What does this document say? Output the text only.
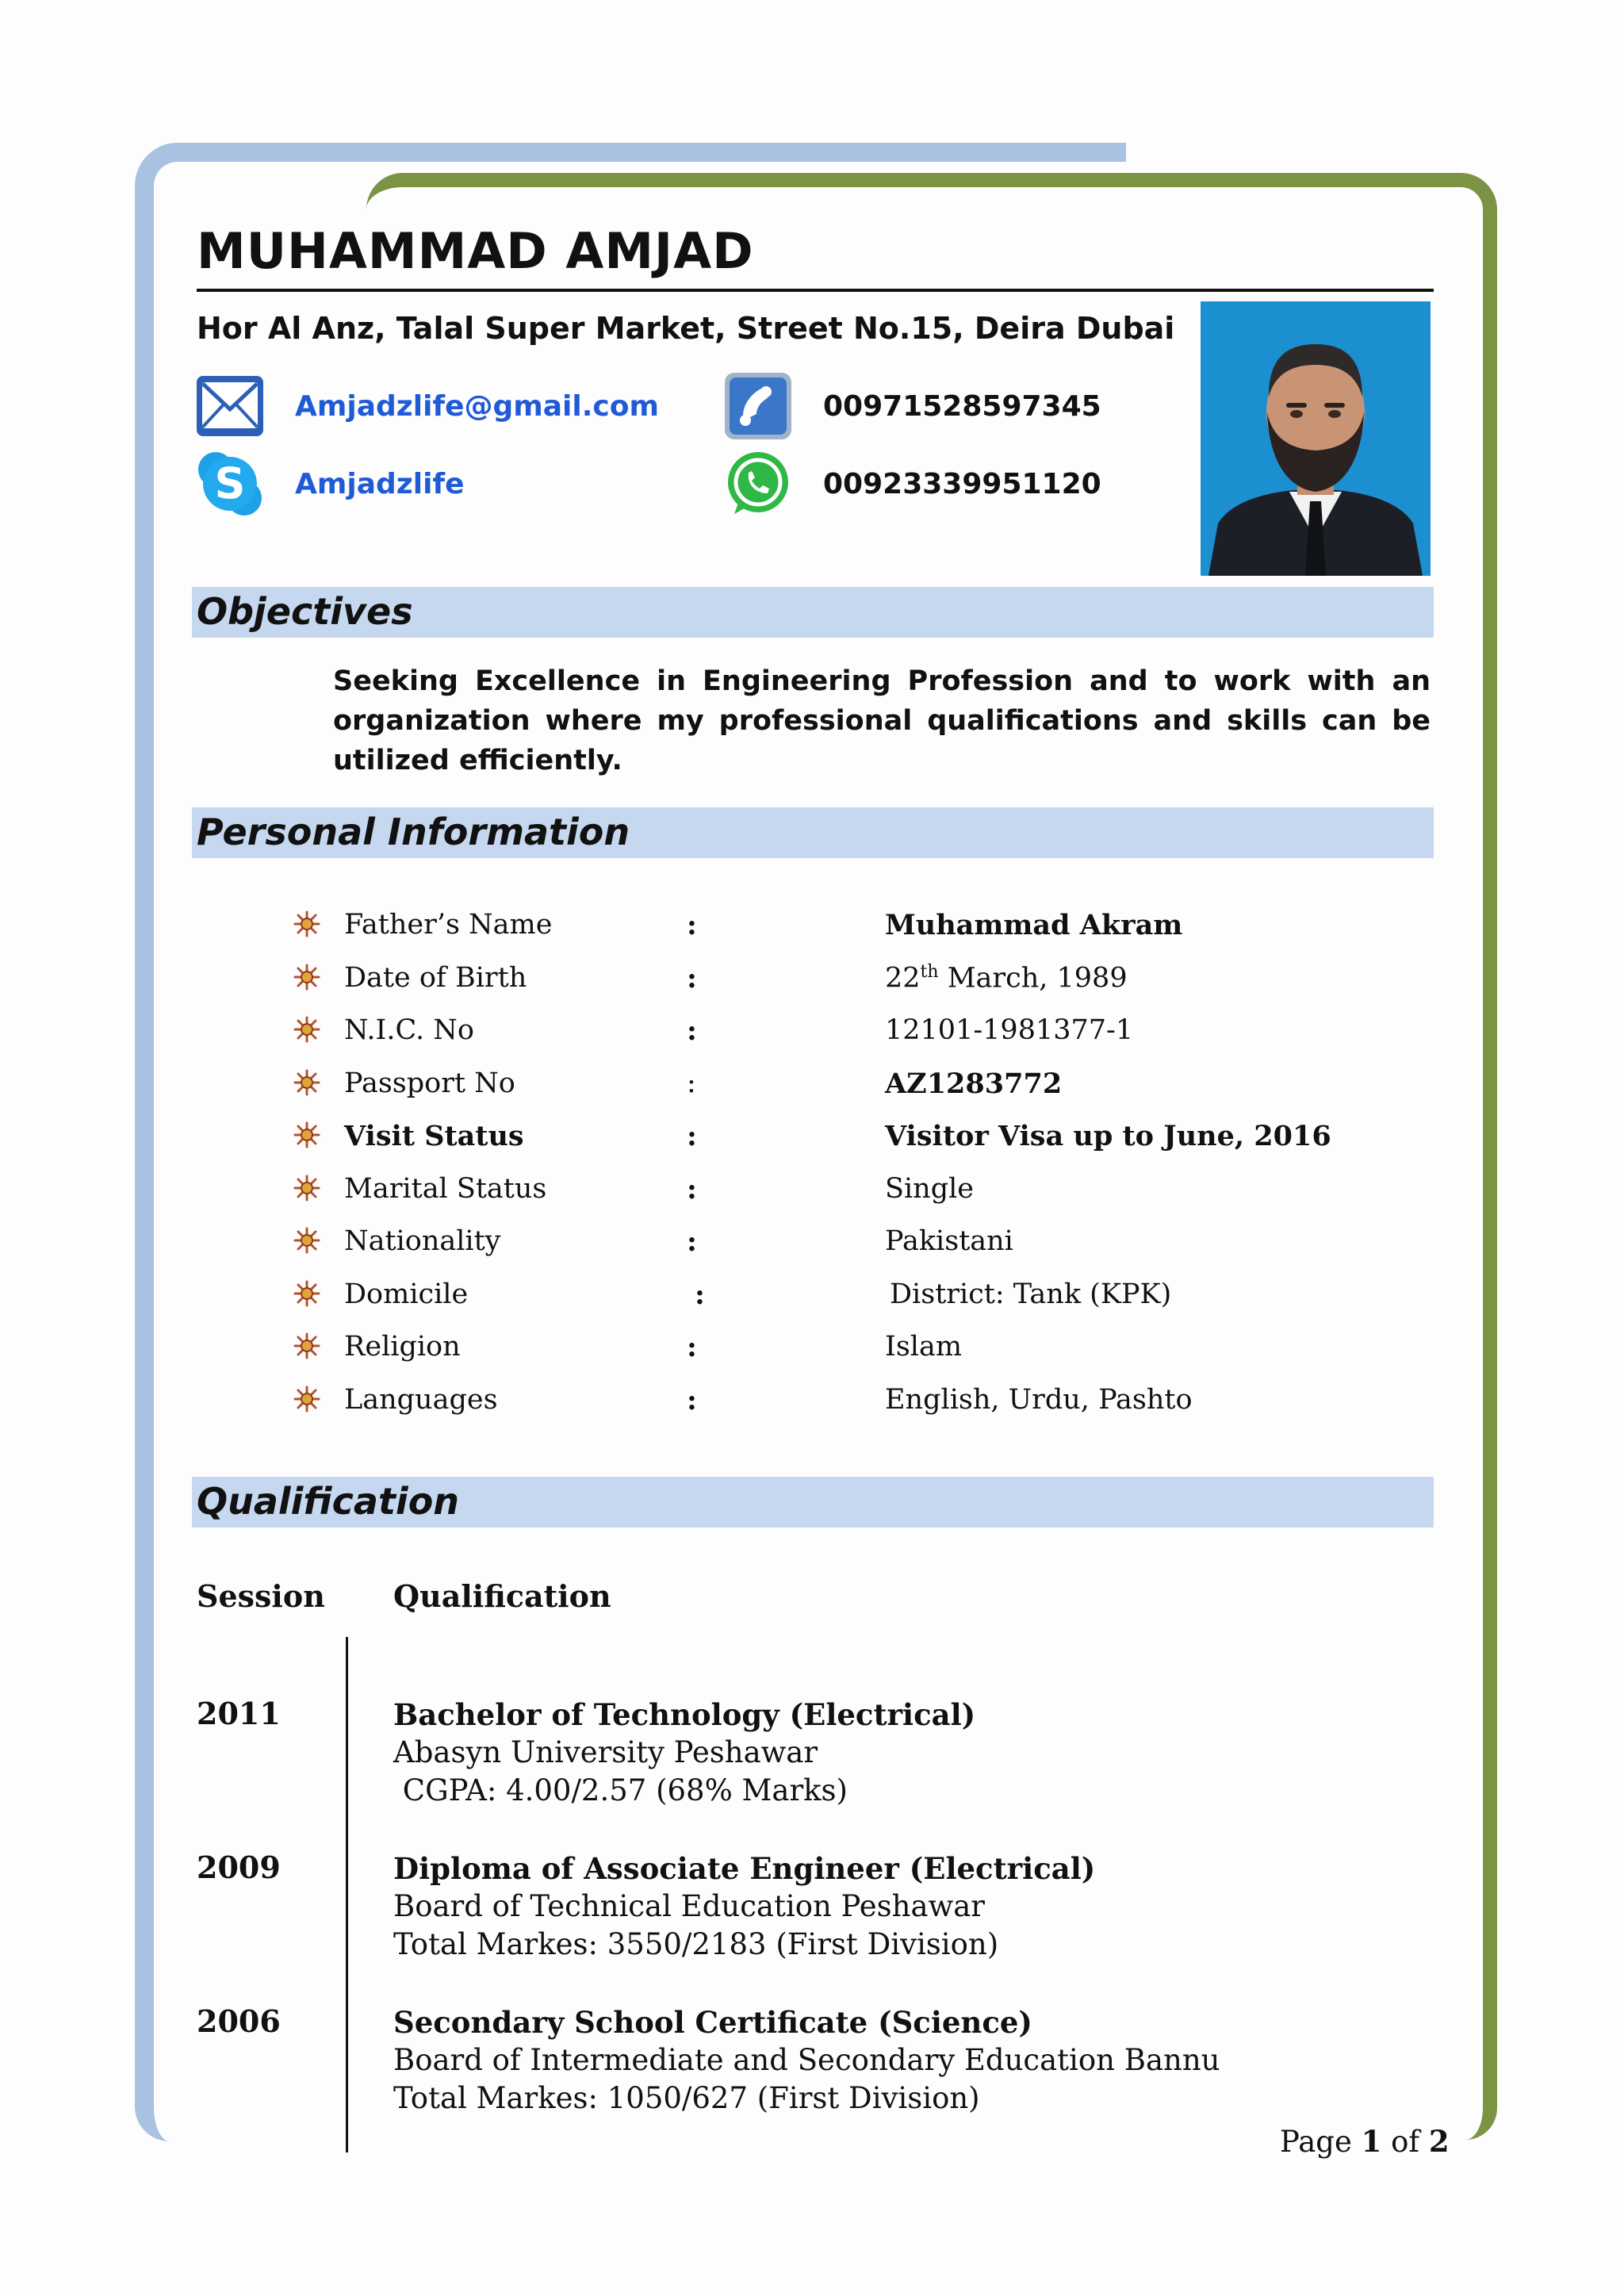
MUHAMMAD AMJAD
Hor Al Anz, Talal Super Market, Street No.15, Deira Dubai
Amjadzlife@gmail.com
S Amjadzlife
00971528597345
00923339951120
Objectives
Seeking Excellence in Engineering Profession and to work with an organization where my professional qualifications and skills can be utilized efficiently.
Personal Information
Father’s Name	:	Muhammad Akram
Date of Birth	:	22th March, 1989
N.I.C. No	:	12101-1981377-1
Passport No	:	AZ1283772
Visit Status	:	Visitor Visa up to June, 2016
Marital Status	:	Single
Nationality	:	Pakistani
Domicile	:	District: Tank (KPK)
Religion	:	Islam
Languages	:	English, Urdu, Pashto
Qualification
Session Qualification
2011	Bachelor of Technology (Electrical)
Abasyn University Peshawar
CGPA: 4.00/2.57 (68% Marks)
2009	Diploma of Associate Engineer (Electrical)
Board of Technical Education Peshawar
Total Markes: 3550/2183 (First Division)
2006	Secondary School Certificate (Science)
Board of Intermediate and Secondary Education Bannu
Total Markes: 1050/627 (First Division)
Page 1 of 2
